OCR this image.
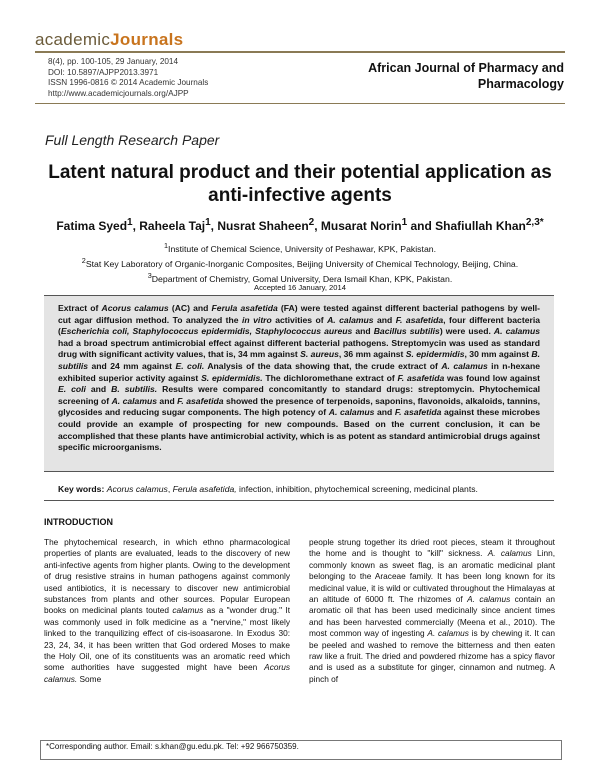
academicJournals
8(4), pp. 100-105, 29 January, 2014
DOI: 10.5897/AJPP2013.3971
ISSN 1996-0816 © 2014 Academic Journals
http://www.academicjournals.org/AJPP
African Journal of Pharmacy and
Pharmacology
Full Length Research Paper
Latent natural product and their potential application as
anti-infective agents
Fatima Syed$^1$, Raheela Taj$^1$, Nusrat Shaheen$^2$, Musarat Norin$^1$ and Shafiullah Khan$^{2,3*}$
$^1$Institute of Chemical Science, University of Peshawar, KPK, Pakistan.
$^2$Stat Key Laboratory of Organic-Inorganic Composites, Beijing University of Chemical Technology, Beijing, China.
$^3$Department of Chemistry, Gomal University, Dera Ismail Khan, KPK, Pakistan.
Accepted 16 January, 2014

Extract of Acorus calamus (AC) and Ferula asafetida (FA) were tested against different bacterial pathogens by well-cut agar diffusion method. To analyzed the in vitro activities of A. calamus and F. asafetida, four different bacteria (Escherichia coli, Staphylococcus epidermidis, Staphylococcus aureus and Bacillus subtilis) were used. A. calamus had a broad spectrum antimicrobial effect against different bacterial pathogens. Streptomycin was used as standard drug with significant activity values, that is, 34 mm against S. aureus, 36 mm against S. epidermidis, 30 mm against B. subtilis and 24 mm against E. coli. Analysis of the data showing that, the crude extract of A. calamus in n-hexane exhibited superior activity against S. epidermidis. The dichloromethane extract of F. asafetida was found low against E. coli and B. subtilis. Results were compared concomitantly to standard drugs: streptomycin. Phytochemical screening of A. calamus and F. asafetida showed the presence of terpenoids, saponins, flavonoids, alkaloids, tannins, glycosides and reducing sugar components. The high potency of A. calamus and F. asafetida against these microbes could provide an example of prospecting for new compounds. Based on the current conclusion, it can be accomplished that these plants have antimicrobial activity, which is as potent as standard antimicrobial drugs against specific microorganisms.

Key words: Acorus calamus, Ferula asafetida, infection, inhibition, phytochemical screening, medicinal plants.
INTRODUCTION

The phytochemical research, in which ethno pharmacological properties of plants are evaluated, leads to the discovery of new anti-infective agents from higher plants. Owing to the development of drug resistive strains in human pathogens against commonly used antibiotics, it is necessary to discover new antimicrobial substances from plants and other sources. Popular European books on medicinal plants touted calamus as a "wonder drug." It was commonly used in folk medicine as a "nervine," most likely linked to the tranquilizing effect of cis-isoasarone. In Exodus 30: 23, 24, 34, it has been written that God ordered Moses to make the Holy Oil, one of its constituents was an aromatic reed which some authorities have suggested might have been Acorus calamus. Some

people strung together its dried root pieces, steam it throughout the home and is thought to "kill" sickness. A. calamus Linn, commonly known as sweet flag, is an aromatic medicinal plant belonging to the Araceae family. It has been long known for its medicinal value, it is wild or cultivated throughout the Himalayas at an altitude of 6000 ft. The rhizomes of A. calamus contain an aromatic oil that has been used medicinally since ancient times and has been harvested commercially (Meena et al., 2010). The most common way of ingesting A. calamus is by chewing it. It can be peeled and washed to remove the bitterness and then eaten raw like a fruit. The dried and powdered rhizome has a spicy flavor and is used as a substitute for ginger, cinnamon and nutmeg. A pinch of

*Corresponding author. Email: s.khan@gu.edu.pk. Tel: +92 966750359.
